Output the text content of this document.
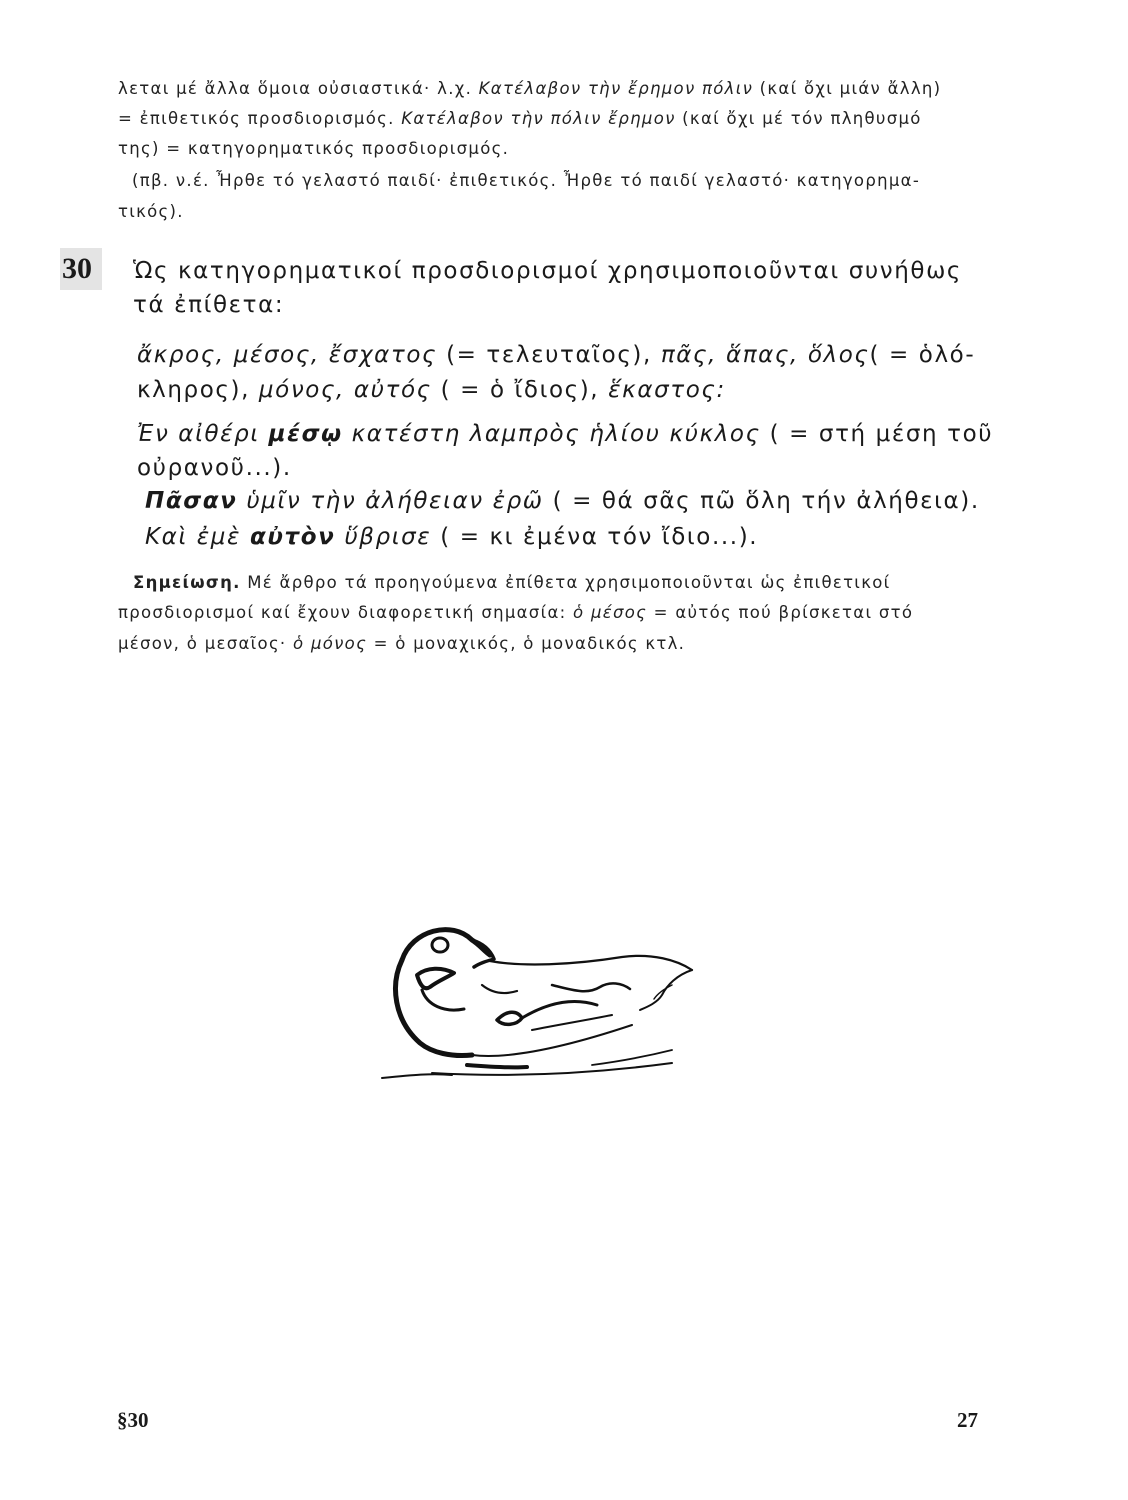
λεται μέ ἄλλα ὅμοια οὐσιαστικά· λ.χ. Κατέλαβον τὴν ἔρημον πόλιν (καί ὄχι μιάν ἄλλη)
= ἐπιθετικός προσδιορισμός. Κατέλαβον τὴν πόλιν ἔρημον (καί ὄχι μέ τόν πληθυσμό
της) = κατηγορηματικός προσδιορισμός.
(πβ. ν.έ. Ἦρθε τό γελαστό παιδί· ἐπιθετικός. Ἦρθε τό παιδί γελαστό· κατηγορημα-
τικός).
30	Ὡς κατηγορηματικοί προσδιορισμοί χρησιμοποιοῦνται συνήθως
τά ἐπίθετα:
ἄκρος, μέσος, ἔσχατος (= τελευταῖος), πᾶς, ἅπας, ὅλος( = ὁλό-
κληρος), μόνος, αὐτός ( = ὁ ἴδιος), ἕκαστος:
Ἐν αἰθέρι μέσῳ κατέστη λαμπρὸς ἡλίου κύκλος ( = στή μέση τοῦ
οὐρανοῦ...).
Πᾶσαν ὑμῖν τὴν ἀλήθειαν ἐρῶ ( = θά σᾶς πῶ ὅλη τήν ἀλήθεια).
Καὶ ἐμὲ αὐτὸν ὕβρισε ( = κι ἐμένα τόν ἴδιο...).
Σημείωση. Μέ ἄρθρο τά προηγούμενα ἐπίθετα χρησιμοποιοῦνται ὡς ἐπιθετικοί
προσδιορισμοί καί ἔχουν διαφορετική σημασία: ὁ μέσος = αὐτός πού βρίσκεται στό
μέσον, ὁ μεσαῖος· ὁ μόνος = ὁ μοναχικός, ὁ μοναδικός κτλ.
§30	27
